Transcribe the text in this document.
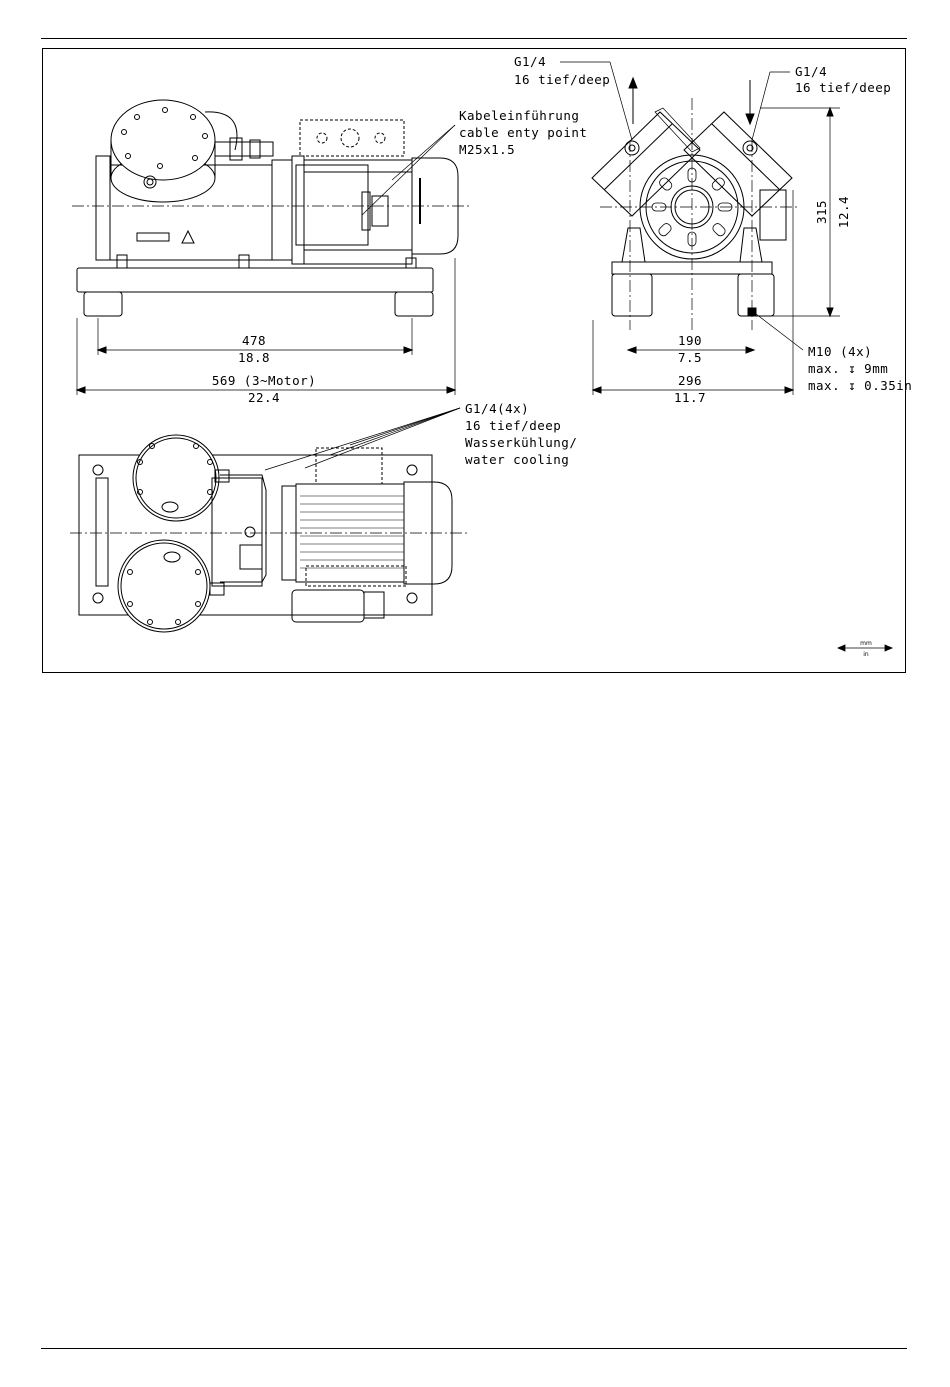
Kabeleinführung
cable enty point
M25x1.5
G1/4
16 tief/deep
G1/4
16 tief/deep
G1/4(4x)
16 tief/deep
Wasserkühlung/
water cooling
M10 (4x)
max. ↧ 9mm
max. ↧ 0.35in
478
18.8
569 (3~Motor)
22.4
190
7.5
296
11.7
315 12.4
mm
in
